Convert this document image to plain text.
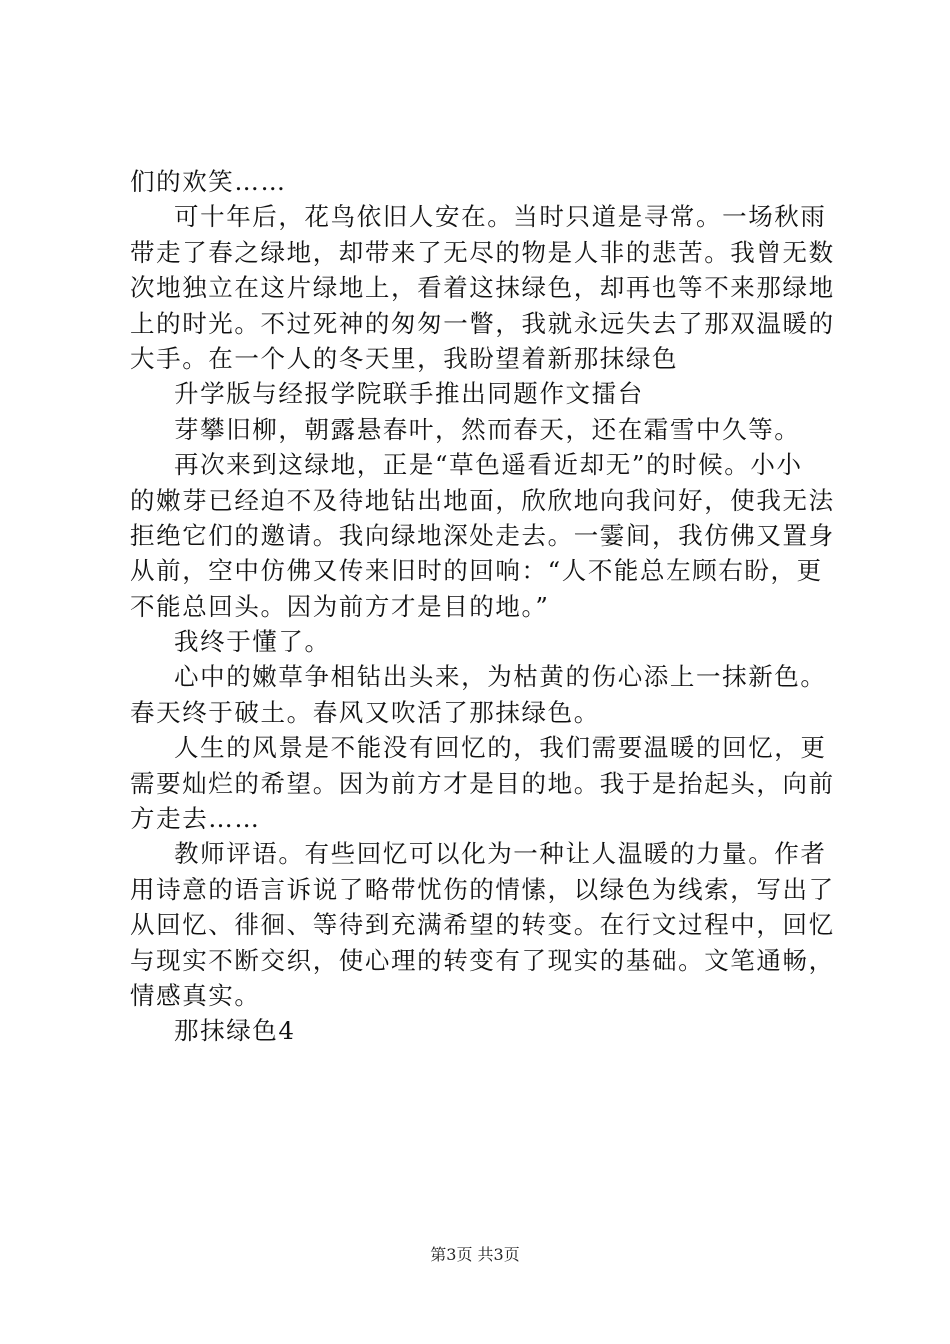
们的欢笑……
可十年后，花鸟依旧人安在。当时只道是寻常。一场秋雨
带走了春之绿地，却带来了无尽的物是人非的悲苦。我曾无数
次地独立在这片绿地上，看着这抹绿色，却再也等不来那绿地
上的时光。不过死神的匆匆一瞥，我就永远失去了那双温暖的
大手。在一个人的冬天里，我盼望着新那抹绿色
升学版与经报学院联手推出同题作文擂台
芽攀旧柳，朝露悬春叶，然而春天，还在霜雪中久等。
再次来到这绿地，正是“草色遥看近却无”的时候。小小
的嫩芽已经迫不及待地钻出地面，欣欣地向我问好，使我无法
拒绝它们的邀请。我向绿地深处走去。一霎间，我仿佛又置身
从前，空中仿佛又传来旧时的回响：“人不能总左顾右盼，更
不能总回头。因为前方才是目的地。”
我终于懂了。
心中的嫩草争相钻出头来，为枯黄的伤心添上一抹新色。
春天终于破土。春风又吹活了那抹绿色。
人生的风景是不能没有回忆的，我们需要温暖的回忆，更
需要灿烂的希望。因为前方才是目的地。我于是抬起头，向前
方走去……
教师评语。有些回忆可以化为一种让人温暖的力量。作者
用诗意的语言诉说了略带忧伤的情愫，以绿色为线索，写出了
从回忆、徘徊、等待到充满希望的转变。在行文过程中，回忆
与现实不断交织，使心理的转变有了现实的基础。文笔通畅，
情感真实。
那抹绿色4
第3页 共3页
